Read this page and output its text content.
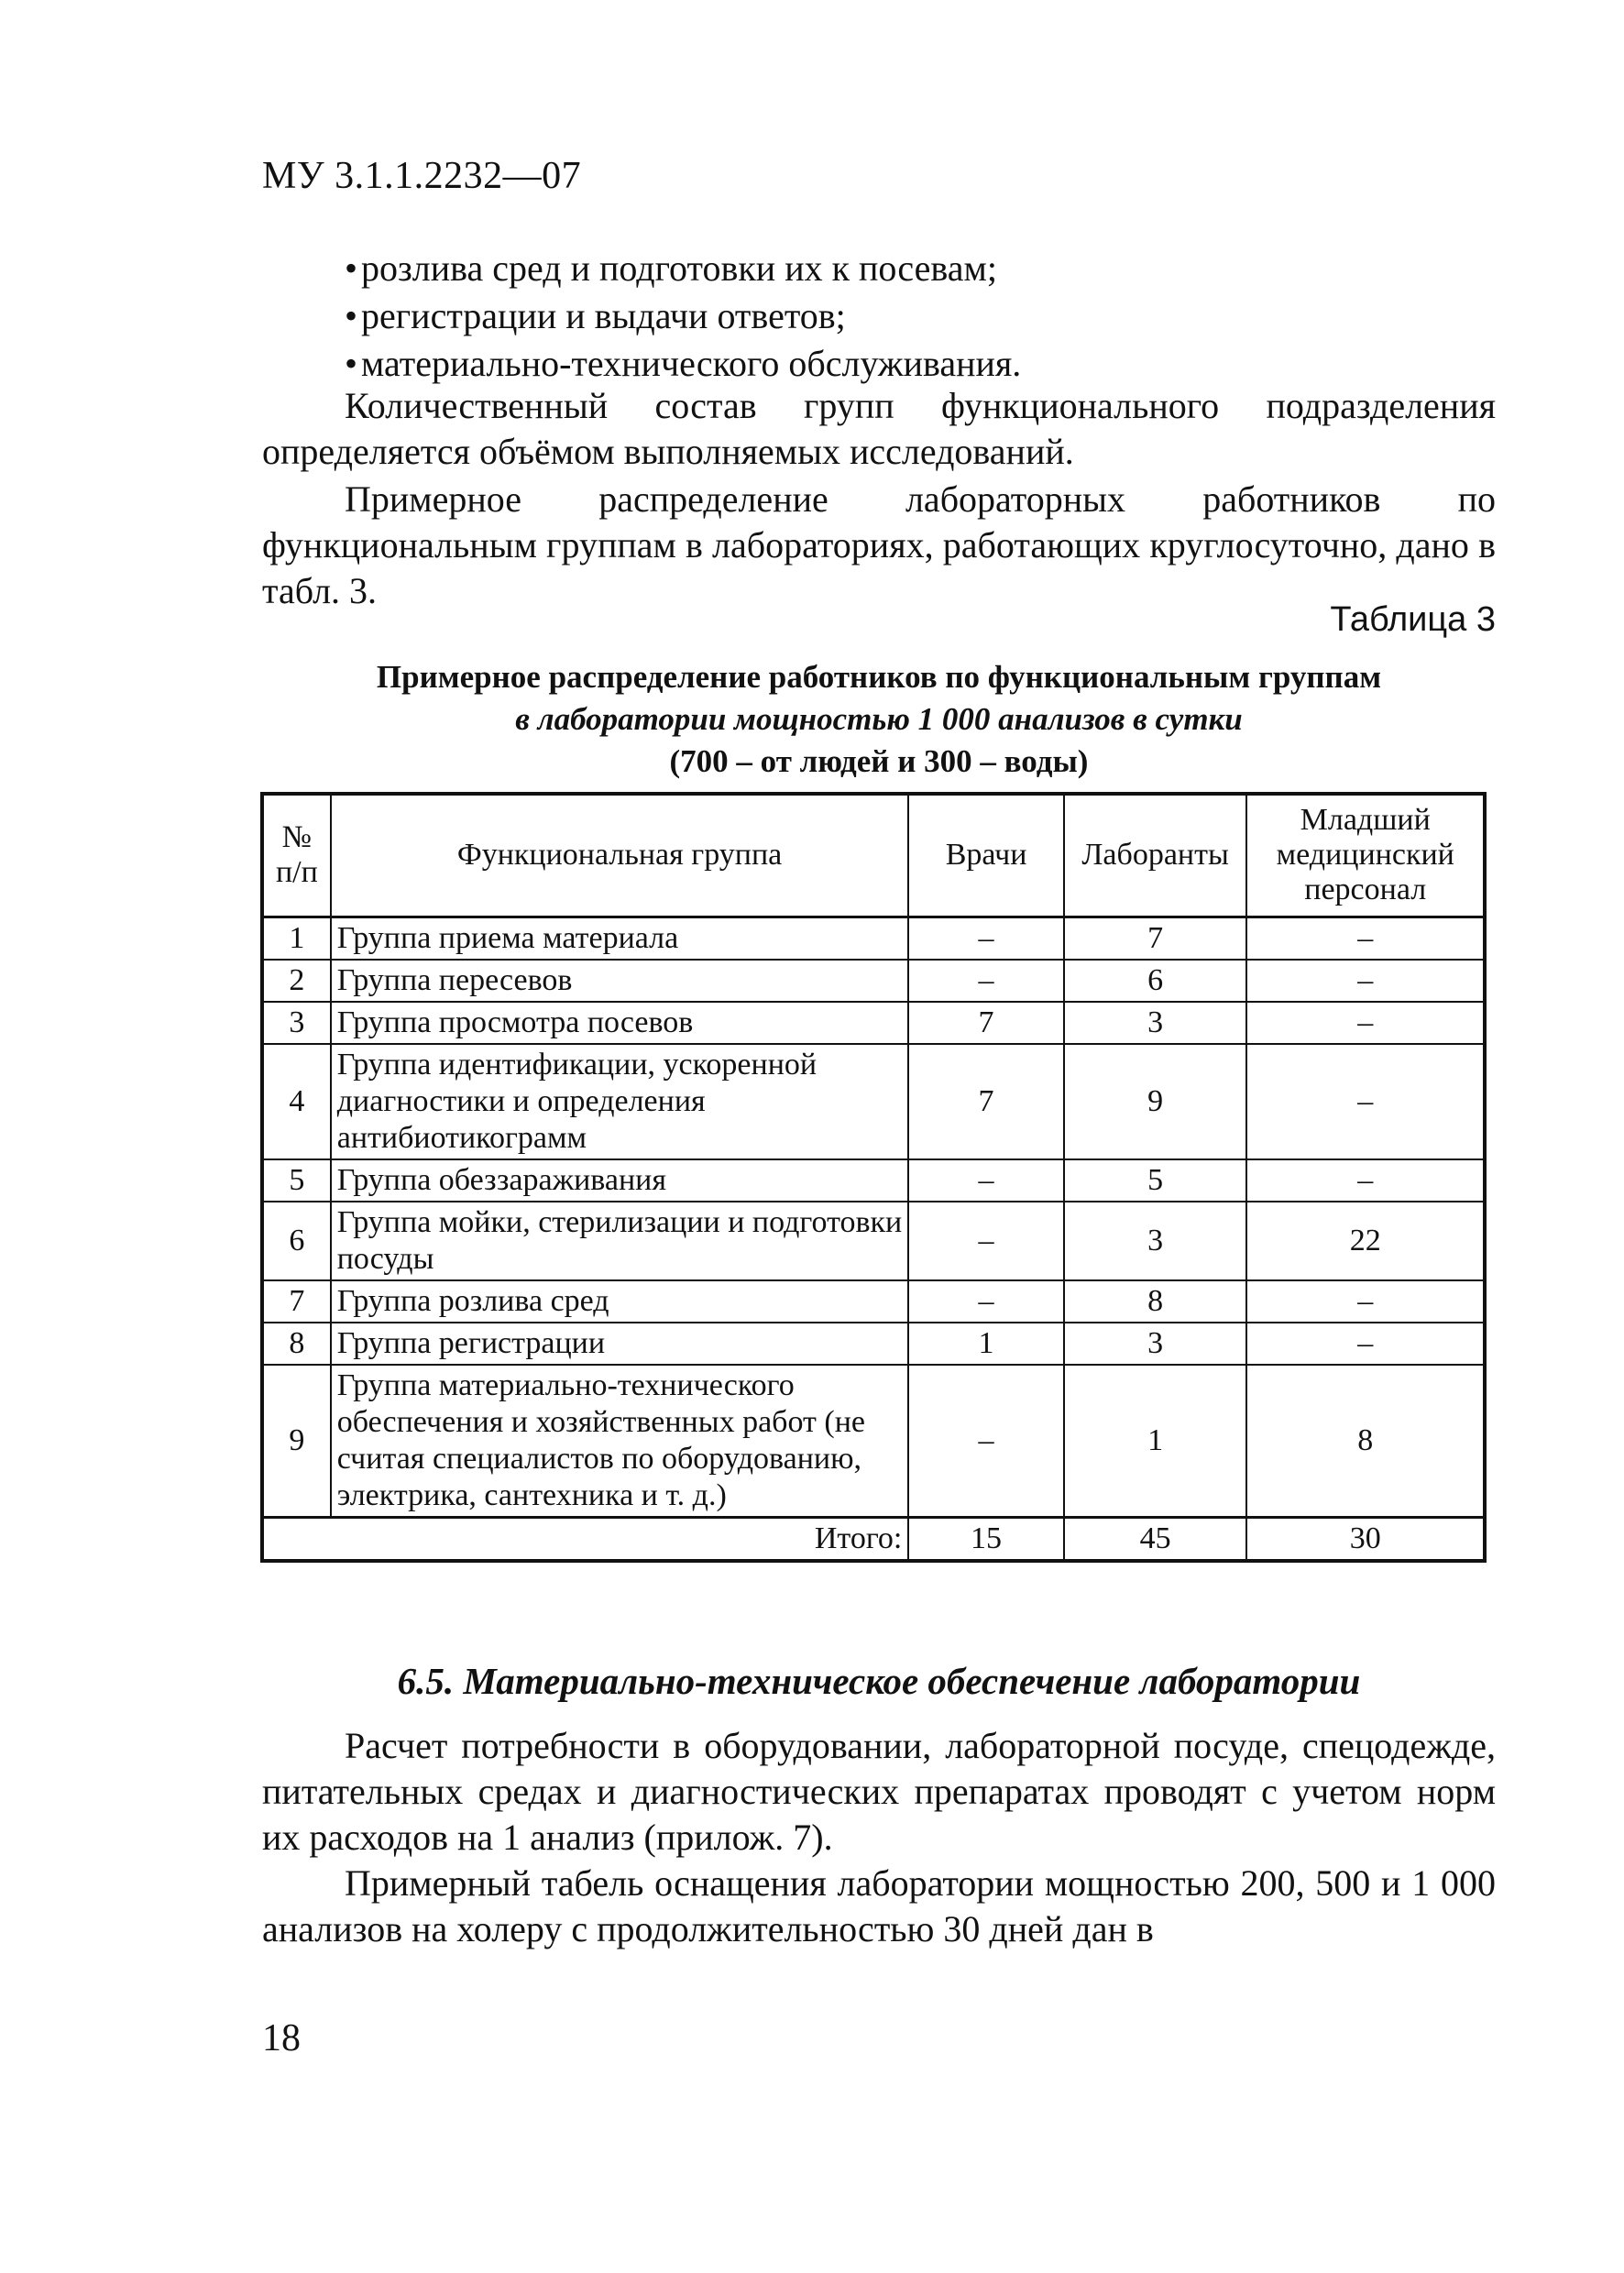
МУ 3.1.1.2232—07
•розлива сред и подготовки их к посевам;
•регистрации и выдачи ответов;
•материально-технического обслуживания.
Количественный состав групп функционального подразделения определяется объёмом выполняемых исследований.
Примерное распределение лабораторных работников по функциональным группам в лабораториях, работающих круглосуточно, дано в табл. 3.
Таблица 3
Примерное распределение работников по функциональным группам
в лаборатории мощностью 1 000 анализов в сутки
(700 – от людей и 300 – воды)
№ п/п	Функциональная группа	Врачи	Лаборанты	Младший медицинский персонал
1	Группа приема материала	–	7	–
2	Группа пересевов	–	6	–
3	Группа просмотра посевов	7	3	–
4	Группа идентификации, ускоренной диагностики и определения антибиотикограмм	7	9	–
5	Группа обеззараживания	–	5	–
6	Группа мойки, стерилизации и подготовки посуды	–	3	22
7	Группа розлива сред	–	8	–
8	Группа регистрации	1	3	–
9	Группа материально-технического обеспечения и хозяйственных работ (не считая специалистов по оборудованию, электрика, сантехника и т. д.)	–	1	8
Итого:		15	45	30
6.5. Материально-техническое обеспечение лаборатории
Расчет потребности в оборудовании, лабораторной посуде, спецодежде, питательных средах и диагностических препаратах проводят с учетом норм их расходов на 1 анализ (прилож. 7).
Примерный табель оснащения лаборатории мощностью 200, 500 и 1 000 анализов на холеру с продолжительностью 30 дней дан в
18
